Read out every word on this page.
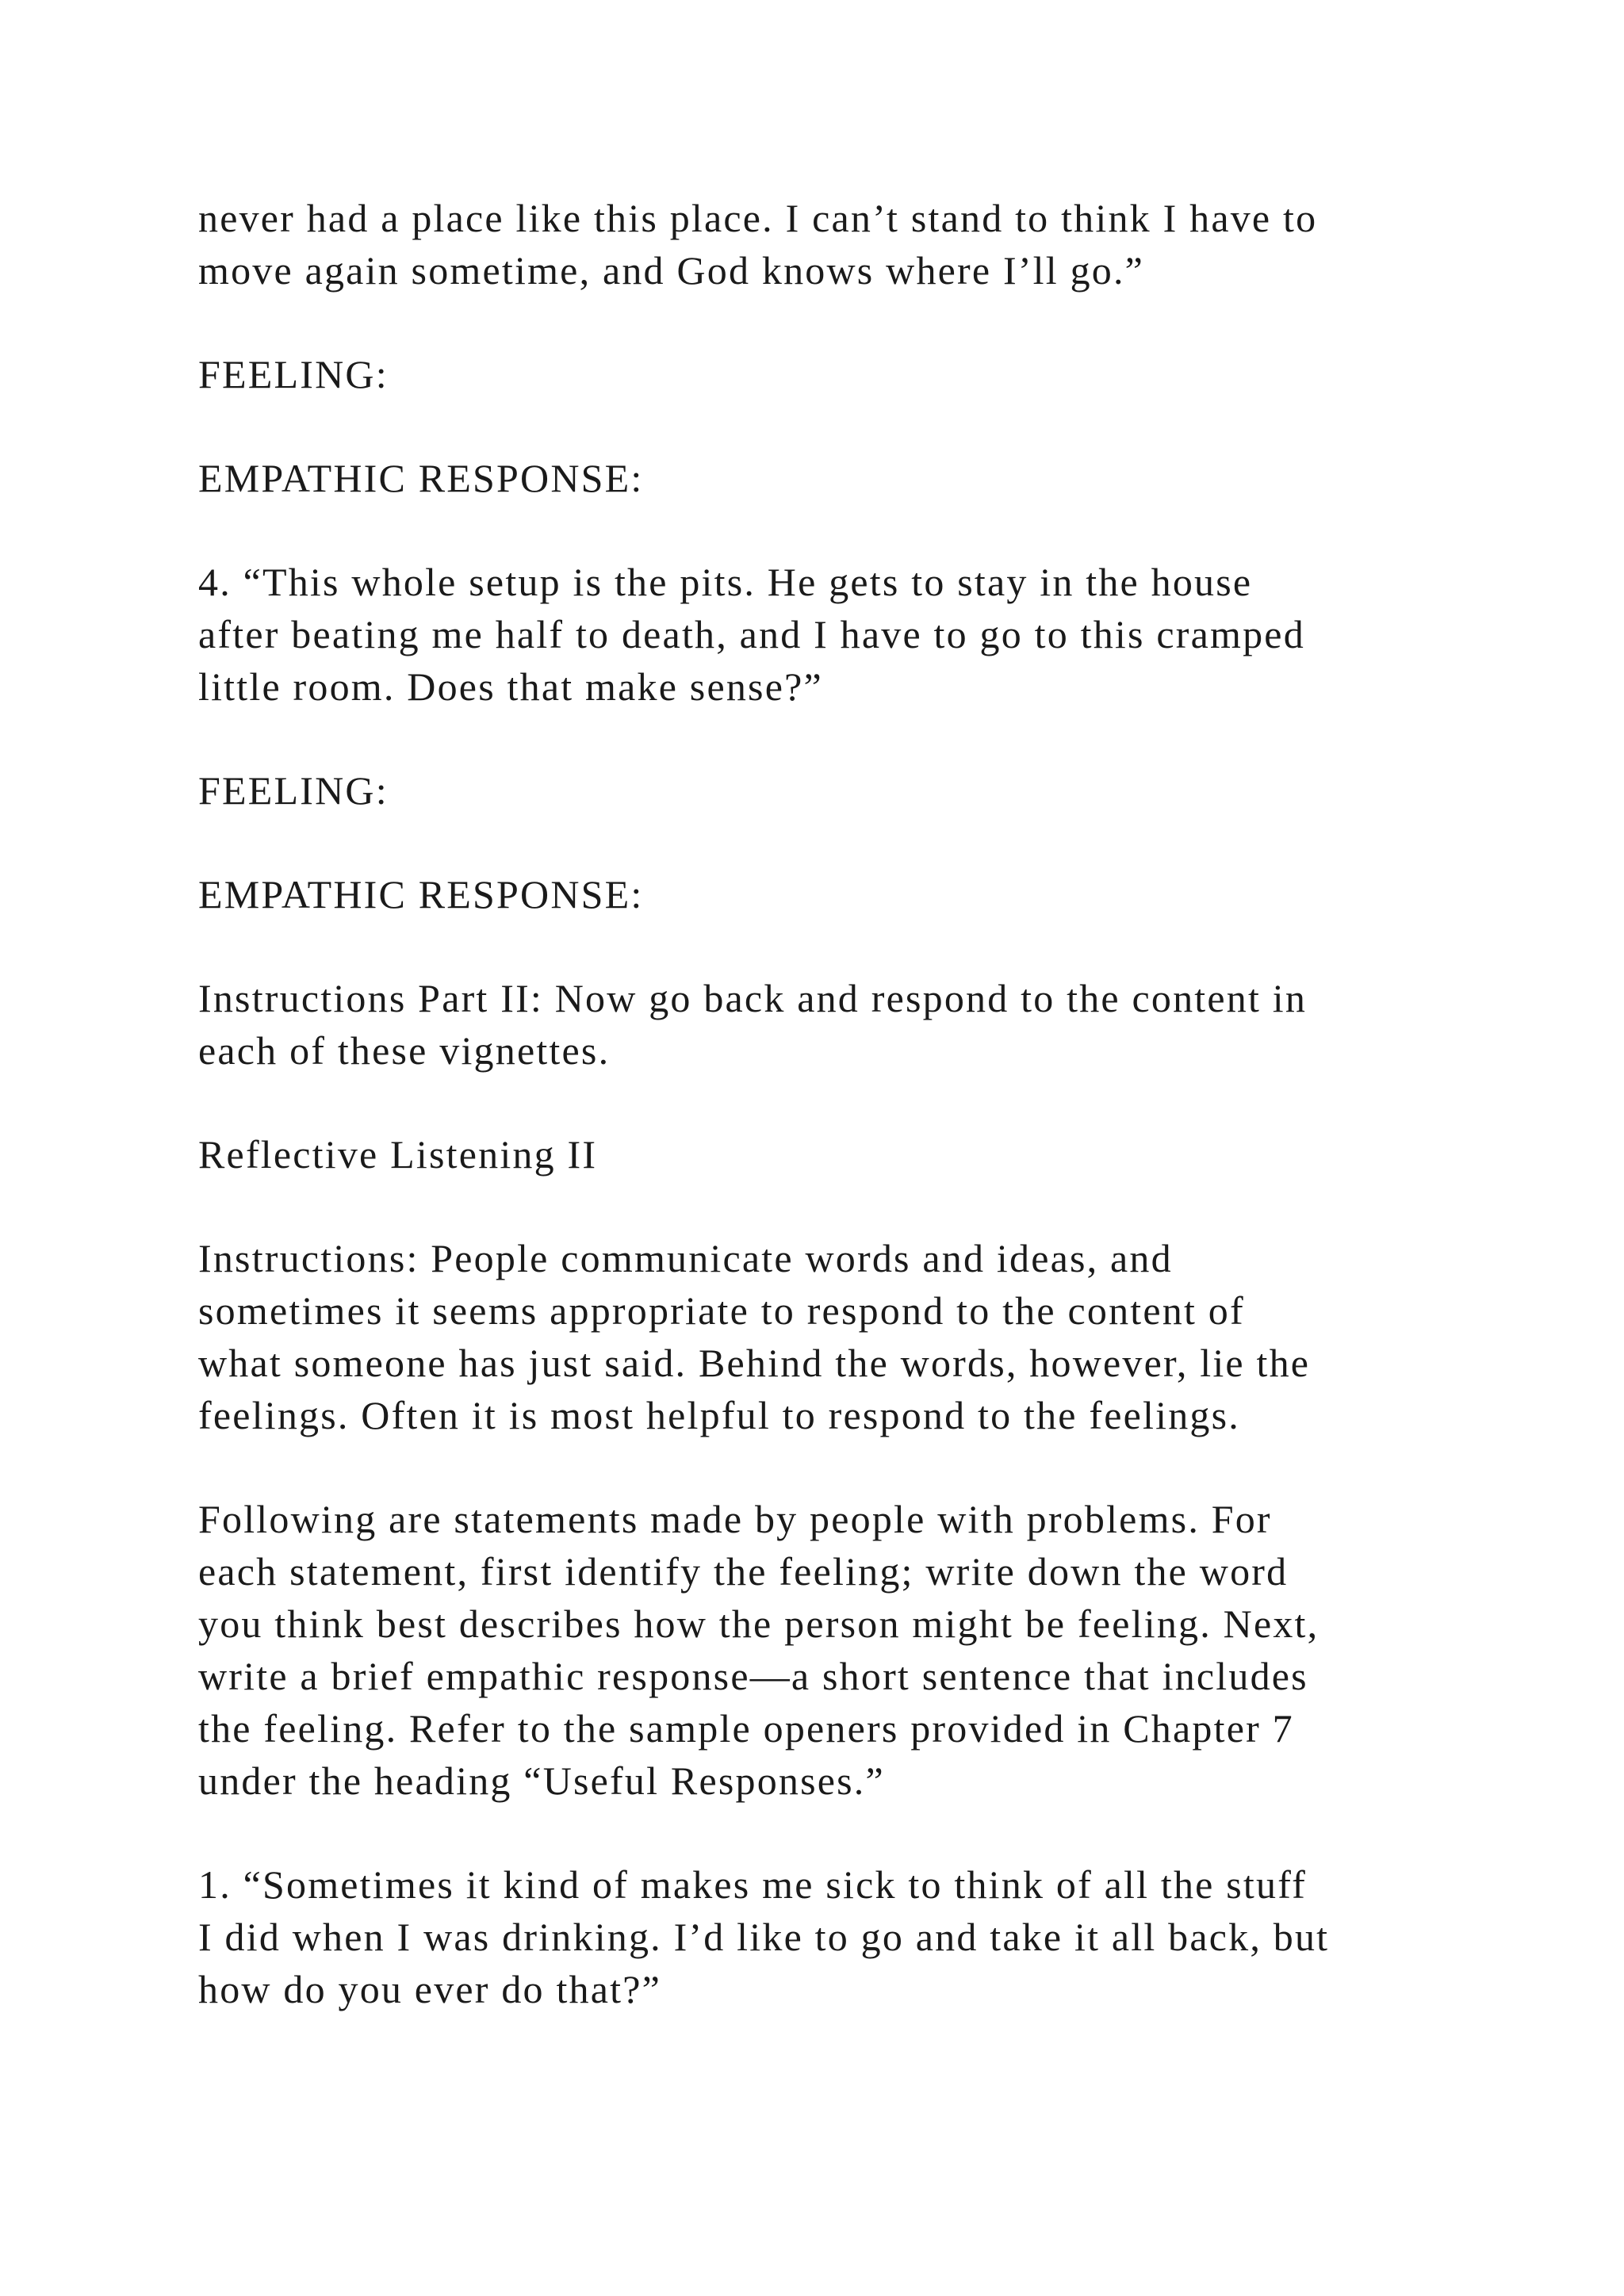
never had a place like this place. I can’t stand to think I have to
move again sometime, and God knows where I’ll go.”

FEELING:

EMPATHIC RESPONSE:

4. “This whole setup is the pits. He gets to stay in the house
after beating me half to death, and I have to go to this cramped
little room. Does that make sense?”

FEELING:

EMPATHIC RESPONSE:

Instructions Part II: Now go back and respond to the content in
each of these vignettes.

Reflective Listening II

Instructions: People communicate words and ideas, and
sometimes it seems appropriate to respond to the content of
what someone has just said. Behind the words, however, lie the
feelings. Often it is most helpful to respond to the feelings.

Following are statements made by people with problems. For
each statement, first identify the feeling; write down the word
you think best describes how the person might be feeling. Next,
write a brief empathic response—a short sentence that includes
the feeling. Refer to the sample openers provided in Chapter 7
under the heading “Useful Responses.”

1. “Sometimes it kind of makes me sick to think of all the stuff
I did when I was drinking. I’d like to go and take it all back, but
how do you ever do that?”
